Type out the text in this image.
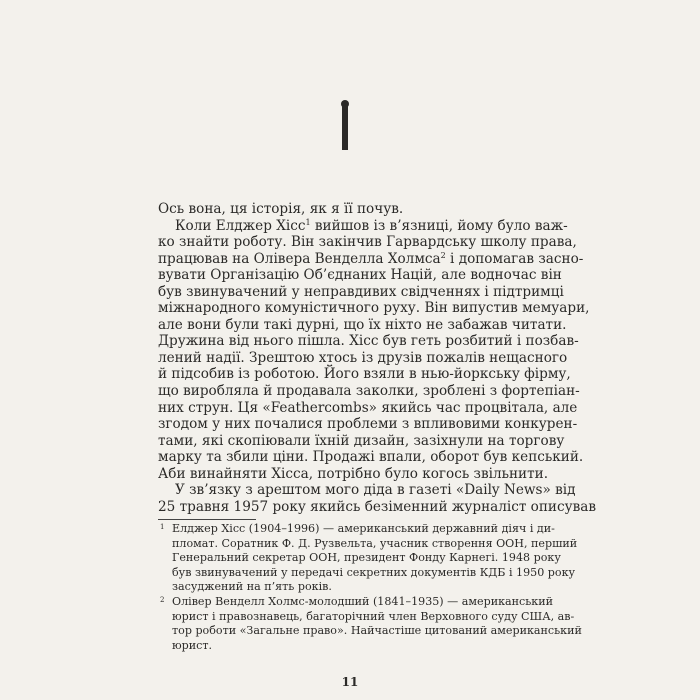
Ось вона, ця історія, як я її почув.
Коли Елджер Хісс$^1$ вийшов із в’язниці, йому було важ-
ко знайти роботу. Він закінчив Гарвардську школу права,
працював на Олівера Венделла Холмса$^2$ і допомагав засно-
вувати Організацію Об’єднаних Націй, але водночас він
був звинувачений у неправдивих свідченнях і підтримці
міжнародного комуністичного руху. Він випустив мемуари,
але вони були такі дурні, що їх ніхто не забажав читати.
Дружина від нього пішла. Хісс був геть розбитий і позбав-
лений надії. Зрештою хтось із друзів пожалів нещасного
й підсобив із роботою. Його взяли в нью-йоркську фірму,
що виробляла й продавала заколки, зроблені з фортепіан-
них струн. Ця «Feathercombs» якийсь час процвітала, але
згодом у них почалися проблеми з впливовими конкурен-
тами, які скопіювали їхній дизайн, зазіхнули на торгову
марку та збили ціни. Продажі впали, оборот був кепський.
Аби винайняти Хісса, потрібно було когось звільнити.
У зв’язку з арештом мого діда в газеті «Daily News» від
25 травня 1957 року якийсь безіменний журналіст описував
1 Елджер Хісс (1904–1996) — американський державний діяч і ди-
пломат. Соратник Ф. Д. Рузвельта, учасник створення ООН, перший
Генеральний секретар ООН, президент Фонду Карнегі. 1948 року
був звинувачений у передачі секретних документів КДБ і 1950 року
засуджений на п’ять років.
2 Олівер Венделл Холмс-молодший (1841–1935) — американський
юрист і правознавець, багаторічний член Верховного суду США, ав-
тор роботи «Загальне право». Найчастіше цитований американський
юрист.
11
